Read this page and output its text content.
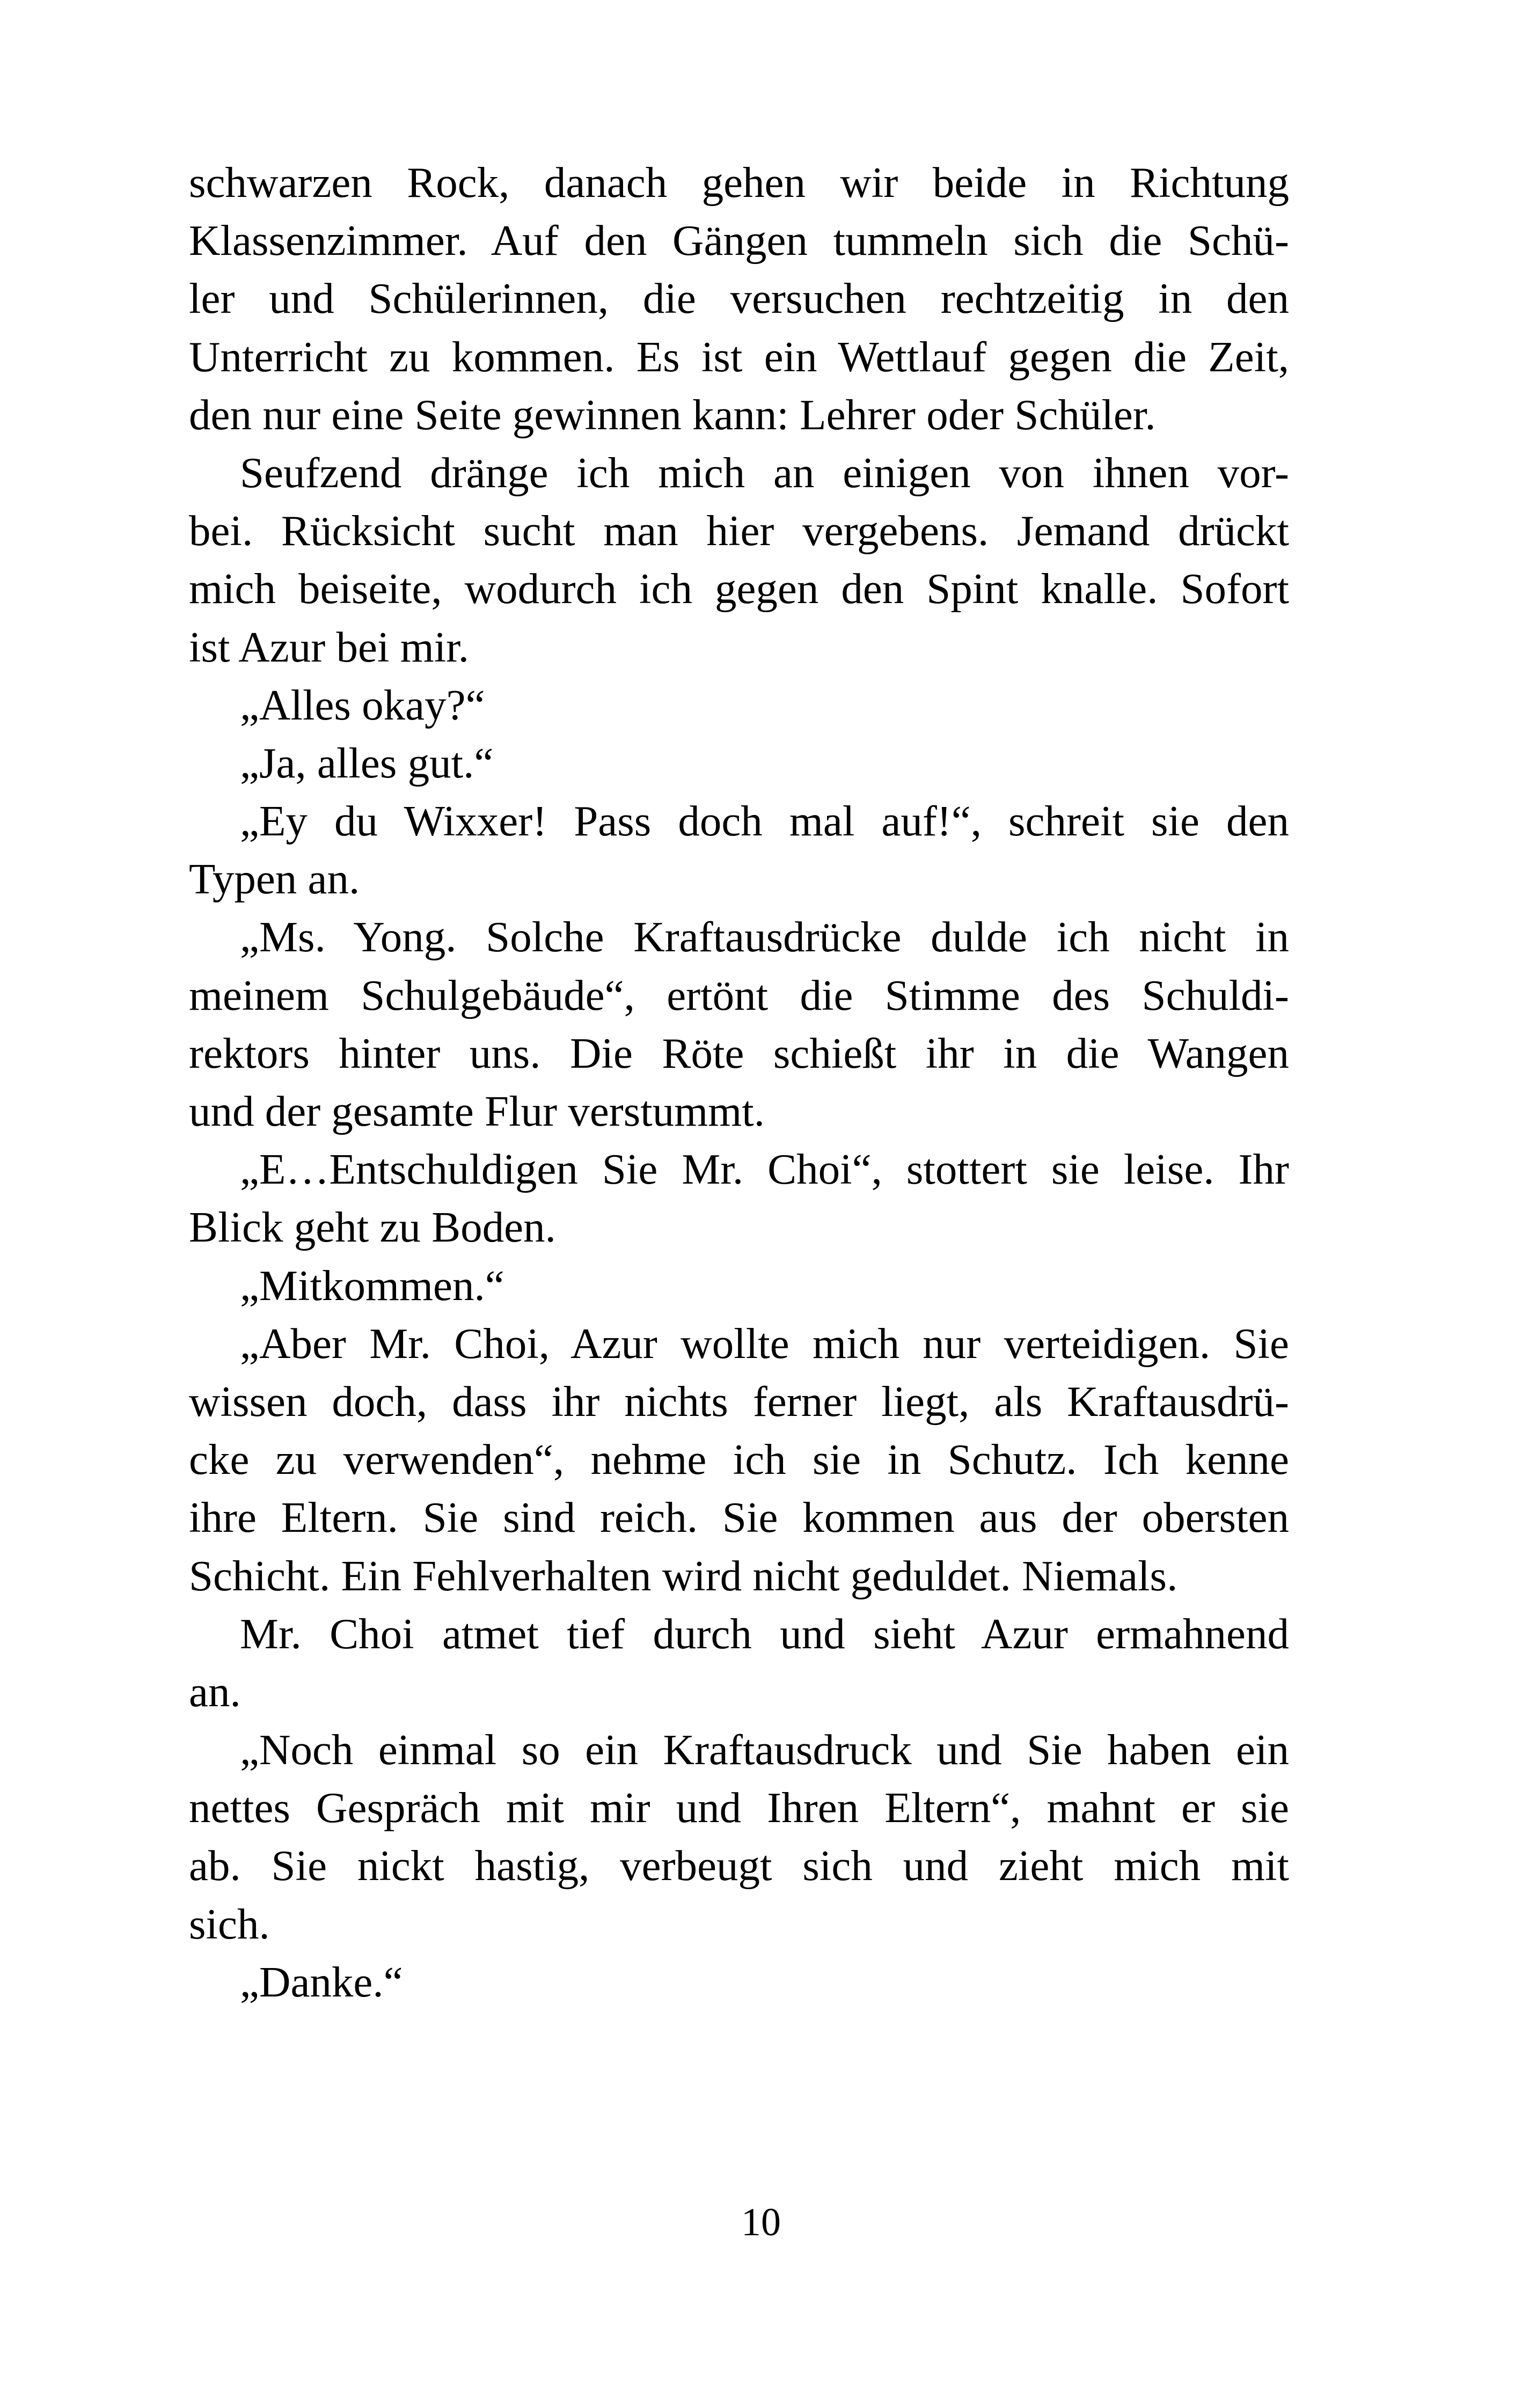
schwarzen Rock, danach gehen wir beide in Richtung
Klassenzimmer. Auf den Gängen tummeln sich die Schü-
ler und Schülerinnen, die versuchen rechtzeitig in den
Unterricht zu kommen. Es ist ein Wettlauf gegen die Zeit,
den nur eine Seite gewinnen kann: Lehrer oder Schüler.
Seufzend dränge ich mich an einigen von ihnen vor-
bei. Rücksicht sucht man hier vergebens. Jemand drückt
mich beiseite, wodurch ich gegen den Spint knalle. Sofort
ist Azur bei mir.
„Alles okay?“
„Ja, alles gut.“
„Ey du Wixxer! Pass doch mal auf!“, schreit sie den
Typen an.
„Ms. Yong. Solche Kraftausdrücke dulde ich nicht in
meinem Schulgebäude“, ertönt die Stimme des Schuldi-
rektors hinter uns. Die Röte schießt ihr in die Wangen
und der gesamte Flur verstummt.
„E…Entschuldigen Sie Mr. Choi“, stottert sie leise. Ihr
Blick geht zu Boden.
„Mitkommen.“
„Aber Mr. Choi, Azur wollte mich nur verteidigen. Sie
wissen doch, dass ihr nichts ferner liegt, als Kraftausdrü-
cke zu verwenden“, nehme ich sie in Schutz. Ich kenne
ihre Eltern. Sie sind reich. Sie kommen aus der obersten
Schicht. Ein Fehlverhalten wird nicht geduldet. Niemals.
Mr. Choi atmet tief durch und sieht Azur ermahnend
an.
„Noch einmal so ein Kraftausdruck und Sie haben ein
nettes Gespräch mit mir und Ihren Eltern“, mahnt er sie
ab. Sie nickt hastig, verbeugt sich und zieht mich mit
sich.
„Danke.“
10
